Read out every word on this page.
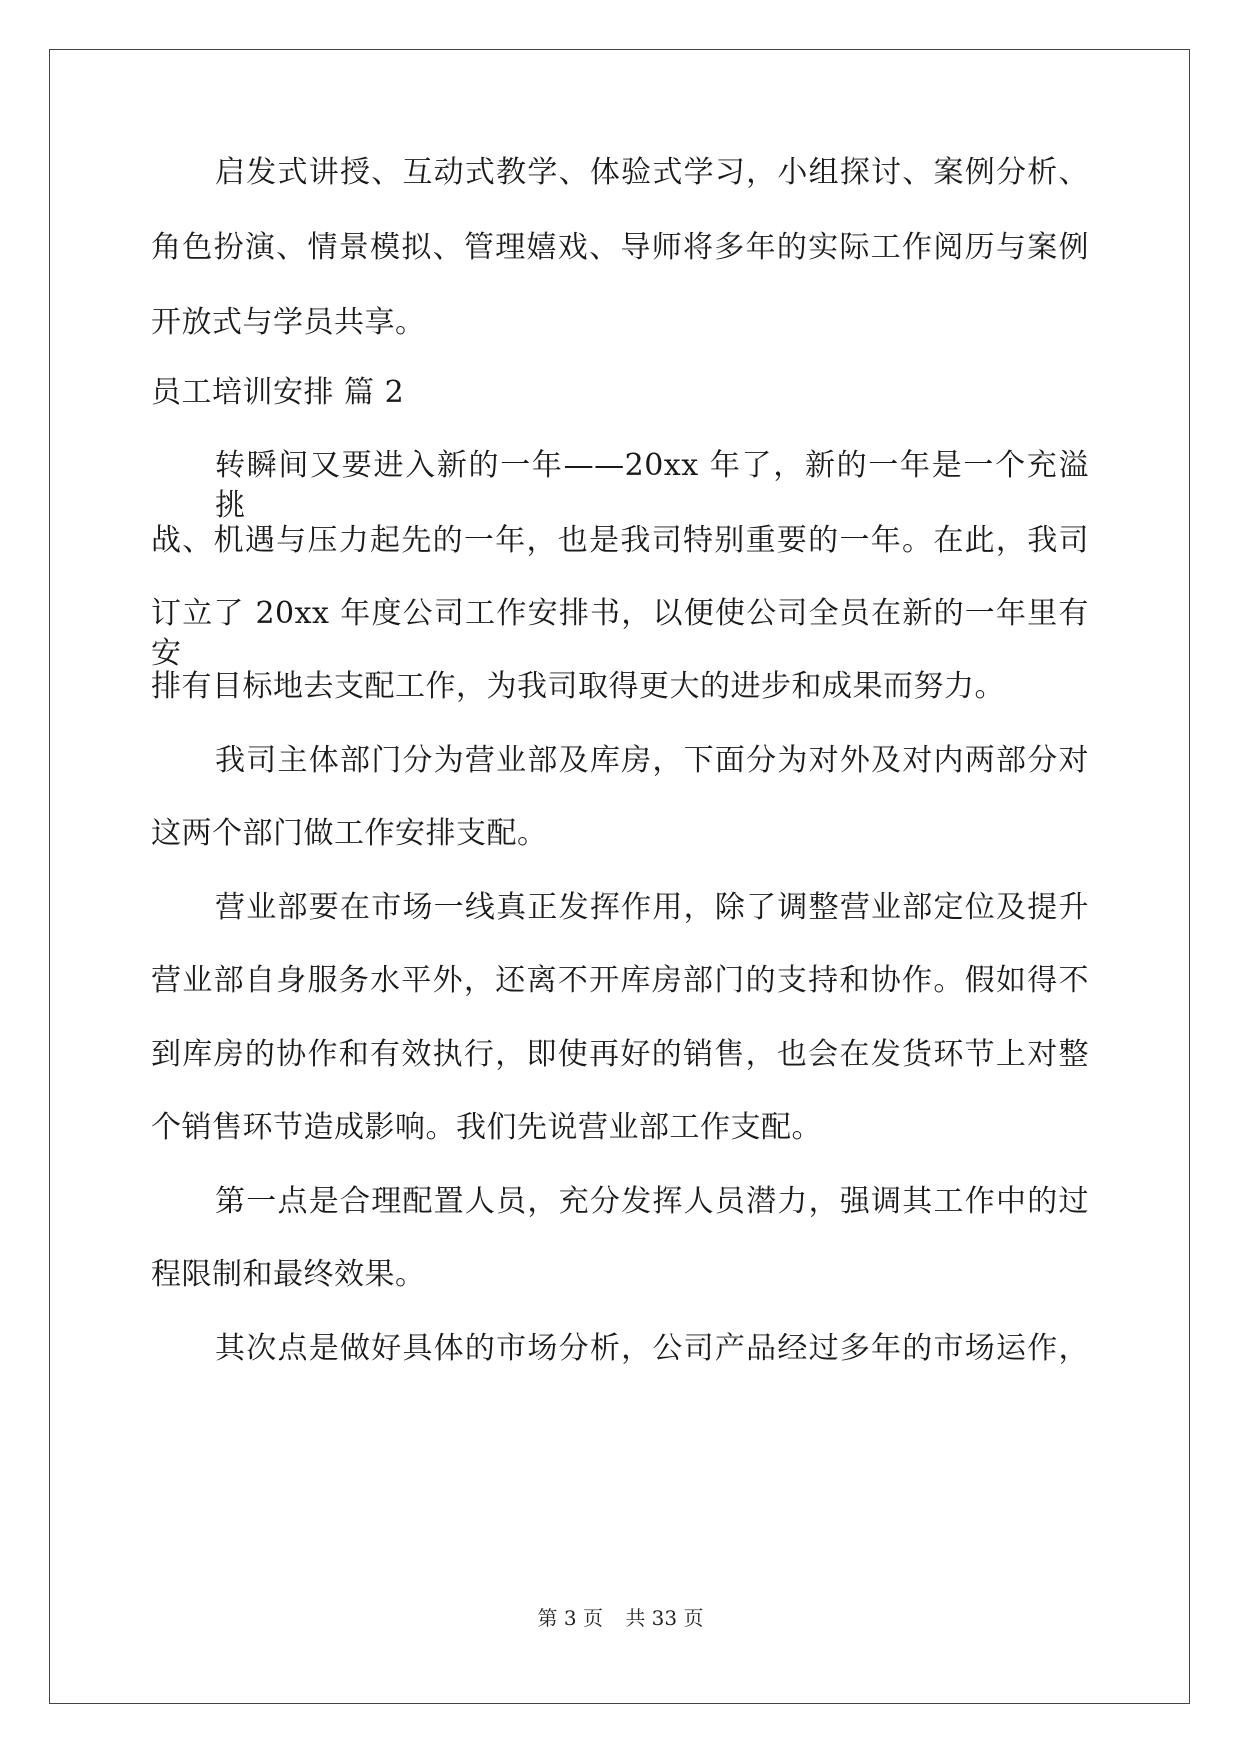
启发式讲授、互动式教学、体验式学习，小组探讨、案例分析、
角色扮演、情景模拟、管理嬉戏、导师将多年的实际工作阅历与案例
开放式与学员共享。
员工培训安排 篇 2
转瞬间又要进入新的一年——20xx 年了，新的一年是一个充溢挑
战、机遇与压力起先的一年，也是我司特别重要的一年。在此，我司
订立了 20xx 年度公司工作安排书，以便使公司全员在新的一年里有安
排有目标地去支配工作，为我司取得更大的进步和成果而努力。
我司主体部门分为营业部及库房，下面分为对外及对内两部分对
这两个部门做工作安排支配。
营业部要在市场一线真正发挥作用，除了调整营业部定位及提升
营业部自身服务水平外，还离不开库房部门的支持和协作。假如得不
到库房的协作和有效执行，即使再好的销售，也会在发货环节上对整
个销售环节造成影响。我们先说营业部工作支配。
第一点是合理配置人员，充分发挥人员潜力，强调其工作中的过
程限制和最终效果。
其次点是做好具体的市场分析，公司产品经过多年的市场运作，
第 3 页 共 33 页
